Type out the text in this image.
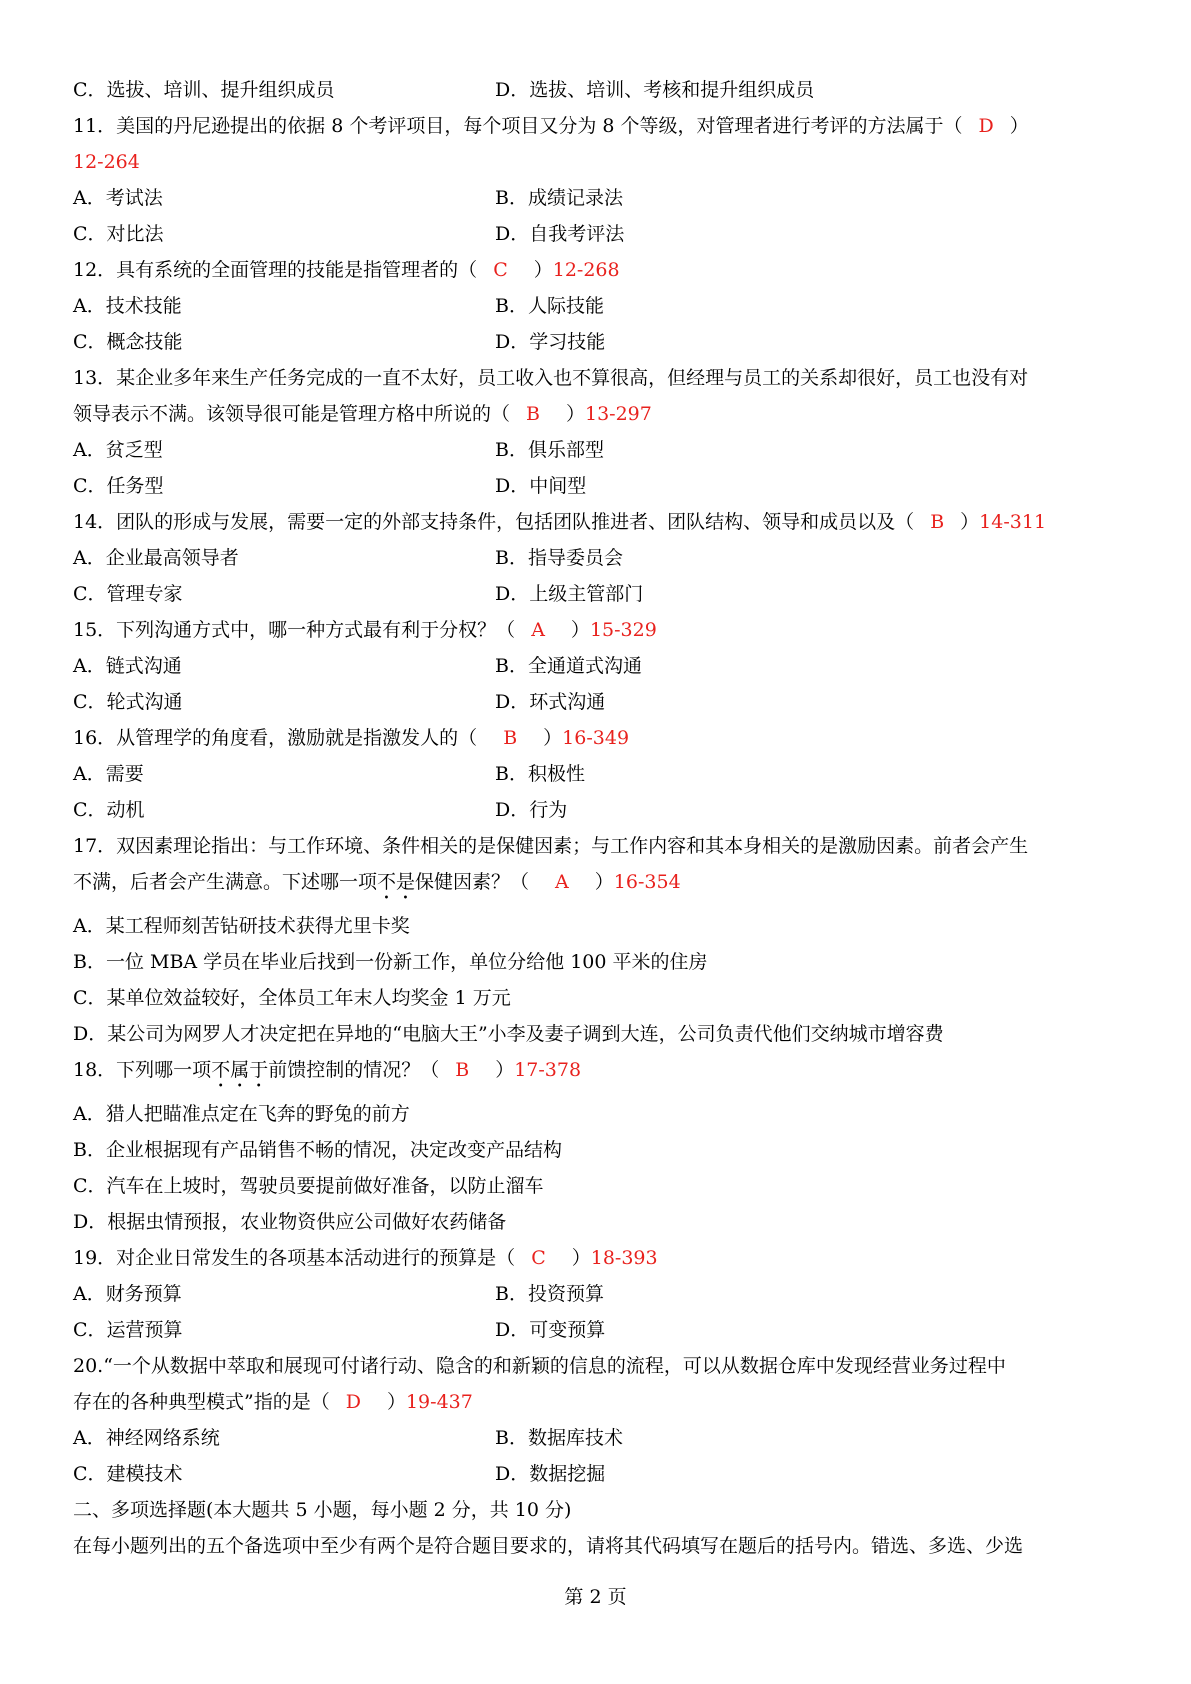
C．选拔、培训、提升组织成员	D．选拔、培训、考核和提升组织成员
11．美国的丹尼逊提出的依据 8 个考评项目，每个项目又分为 8 个等级，对管理者进行考评的方法属于（ D ）
12-264
A．考试法	B．成绩记录法
C．对比法	D．自我考评法
12．具有系统的全面管理的技能是指管理者的（ C ）12-268
A．技术技能	B．人际技能
C．概念技能	D．学习技能
13．某企业多年来生产任务完成的一直不太好，员工收入也不算很高，但经理与员工的关系却很好，员工也没有对
领导表示不满。该领导很可能是管理方格中所说的（ B ）13-297
A．贫乏型	B．俱乐部型
C．任务型	D．中间型
14．团队的形成与发展，需要一定的外部支持条件，包括团队推进者、团队结构、领导和成员以及（ B ）14-311
A．企业最高领导者	B．指导委员会
C．管理专家	D．上级主管部门
15．下列沟通方式中，哪一种方式最有利于分权？（ A ）15-329
A．链式沟通	B．全通道式沟通
C．轮式沟通	D．环式沟通
16．从管理学的角度看，激励就是指激发人的（ B ）16-349
A．需要	B．积极性
C．动机	D．行为
17．双因素理论指出：与工作环境、条件相关的是保健因素；与工作内容和其本身相关的是激励因素。前者会产生
不满，后者会产生满意。下述哪一项不是保健因素？（ A ）16-354
A．某工程师刻苦钻研技术获得尤里卡奖
B．一位 MBA 学员在毕业后找到一份新工作，单位分给他 100 平米的住房
C．某单位效益较好，全体员工年末人均奖金 1 万元
D．某公司为网罗人才决定把在异地的“电脑大王”小李及妻子调到大连，公司负责代他们交纳城市增容费
18．下列哪一项不属于前馈控制的情况？（ B ）17-378
A．猎人把瞄准点定在飞奔的野兔的前方
B．企业根据现有产品销售不畅的情况，决定改变产品结构
C．汽车在上坡时，驾驶员要提前做好准备，以防止溜车
D．根据虫情预报，农业物资供应公司做好农药储备
19．对企业日常发生的各项基本活动进行的预算是（ C ）18-393
A．财务预算	B．投资预算
C．运营预算	D．可变预算
20.“一个从数据中萃取和展现可付诸行动、隐含的和新颖的信息的流程，可以从数据仓库中发现经营业务过程中
存在的各种典型模式”指的是（ D ）19-437
A．神经网络系统	B．数据库技术
C．建模技术	D．数据挖掘
二、多项选择题(本大题共 5 小题，每小题 2 分，共 10 分)
在每小题列出的五个备选项中至少有两个是符合题目要求的，请将其代码填写在题后的括号内。错选、多选、少选
第 2 页
